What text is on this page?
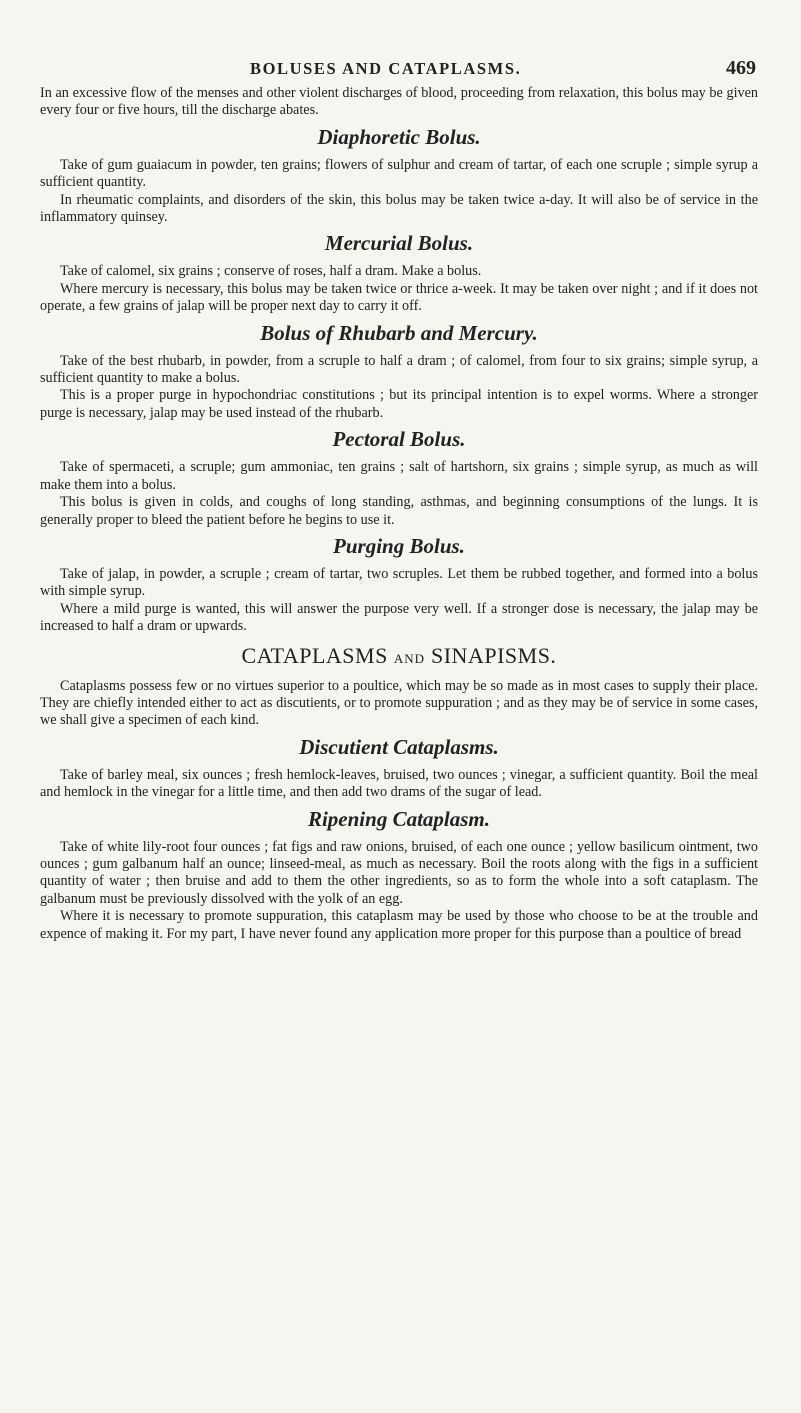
BOLUSES AND CATAPLASMS.	469

In an excessive flow of the menses and other violent discharges of blood, proceeding from relaxation, this bolus may be given every four or five hours, till the discharge abates.

Diaphoretic Bolus.

Take of gum guaiacum in powder, ten grains; flowers of sulphur and cream of tartar, of each one scruple ; simple syrup a sufficient quantity.

In rheumatic complaints, and disorders of the skin, this bolus may be taken twice a-day. It will also be of service in the inflammatory quinsey.

Mercurial Bolus.

Take of calomel, six grains ; conserve of roses, half a dram. Make a bolus.

Where mercury is necessary, this bolus may be taken twice or thrice a-week. It may be taken over night ; and if it does not operate, a few grains of jalap will be proper next day to carry it off.

Bolus of Rhubarb and Mercury.

Take of the best rhubarb, in powder, from a scruple to half a dram ; of calomel, from four to six grains; simple syrup, a sufficient quantity to make a bolus.

This is a proper purge in hypochondriac constitutions ; but its principal intention is to expel worms. Where a stronger purge is necessary, jalap may be used instead of the rhubarb.

Pectoral Bolus.

Take of spermaceti, a scruple; gum ammoniac, ten grains ; salt of hartshorn, six grains ; simple syrup, as much as will make them into a bolus.

This bolus is given in colds, and coughs of long standing, asthmas, and beginning consumptions of the lungs. It is generally proper to bleed the patient before he begins to use it.

Purging Bolus.

Take of jalap, in powder, a scruple ; cream of tartar, two scruples. Let them be rubbed together, and formed into a bolus with simple syrup.

Where a mild purge is wanted, this will answer the purpose very well. If a stronger dose is necessary, the jalap may be increased to half a dram or upwards.

CATAPLASMS AND SINAPISMS.

Cataplasms possess few or no virtues superior to a poultice, which may be so made as in most cases to supply their place. They are chiefly intended either to act as discutients, or to promote suppuration ; and as they may be of service in some cases, we shall give a specimen of each kind.

Discutient Cataplasms.

Take of barley meal, six ounces ; fresh hemlock-leaves, bruised, two ounces ; vinegar, a sufficient quantity. Boil the meal and hemlock in the vinegar for a little time, and then add two drams of the sugar of lead.

Ripening Cataplasm.

Take of white lily-root four ounces ; fat figs and raw onions, bruised, of each one ounce ; yellow basilicum ointment, two ounces ; gum galbanum half an ounce; linseed-meal, as much as necessary. Boil the roots along with the figs in a sufficient quantity of water ; then bruise and add to them the other ingredients, so as to form the whole into a soft cataplasm. The galbanum must be previously dissolved with the yolk of an egg.

Where it is necessary to promote suppuration, this cataplasm may be used by those who choose to be at the trouble and expence of making it. For my part, I have never found any application more proper for this purpose than a poultice of bread
